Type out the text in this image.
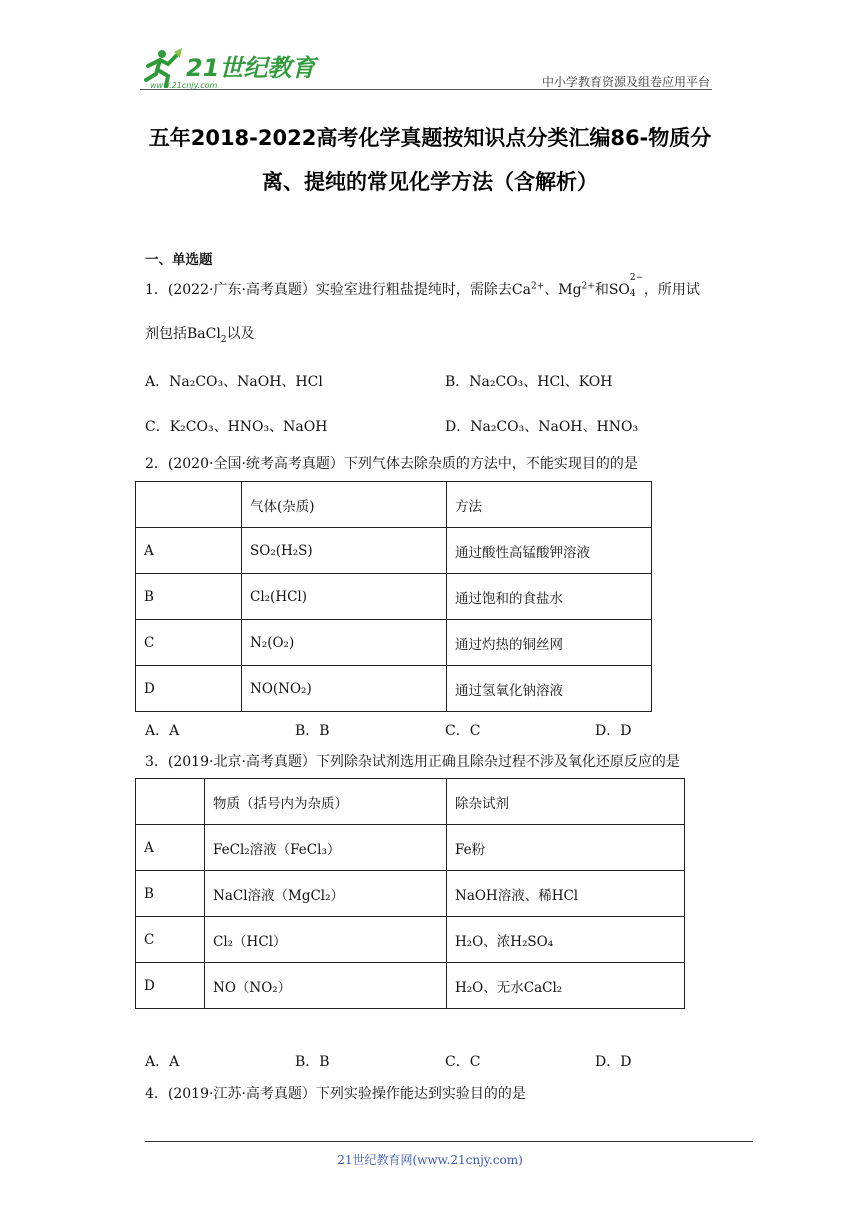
21世纪教育
www.21cnjy.com	中小学教育资源及组卷应用平台
五年2018-2022高考化学真题按知识点分类汇编86-物质分
离、提纯的常见化学方法（含解析）
一、单选题
1．(2022·广东·高考真题）实验室进行粗盐提纯时，需除去$Ca^{2+}$、$Mg^{2+}$和SO
2−
4 ，所用试
剂包括BaCl$_2$以及
A．Na₂CO₃、NaOH、HCl	B．Na₂CO₃、HCl、KOH
C．K₂CO₃、HNO₃、NaOH	D．Na₂CO₃、NaOH、HNO₃
2．(2020·全国·统考高考真题）下列气体去除杂质的方法中，不能实现目的的是
	气体(杂质)	方法
A	SO₂(H₂S)	通过酸性高锰酸钾溶液
B	Cl₂(HCl)	通过饱和的食盐水
C	N₂(O₂)	通过灼热的铜丝网
D	NO(NO₂)	通过氢氧化钠溶液
A．A	B．B	C．C	D．D
3．(2019·北京·高考真题）下列除杂试剂选用正确且除杂过程不涉及氧化还原反应的是
	物质（括号内为杂质）	除杂试剂
A	FeCl₂溶液（FeCl₃）	Fe粉
B	NaCl溶液（MgCl₂）	NaOH溶液、稀HCl
C	Cl₂（HCl）	H₂O、浓H₂SO₄
D	NO（NO₂）	H₂O、无水CaCl₂
A．A	B．B	C．C	D．D
4．(2019·江苏·高考真题）下列实验操作能达到实验目的的是
21世纪教育网(www.21cnjy.com)
